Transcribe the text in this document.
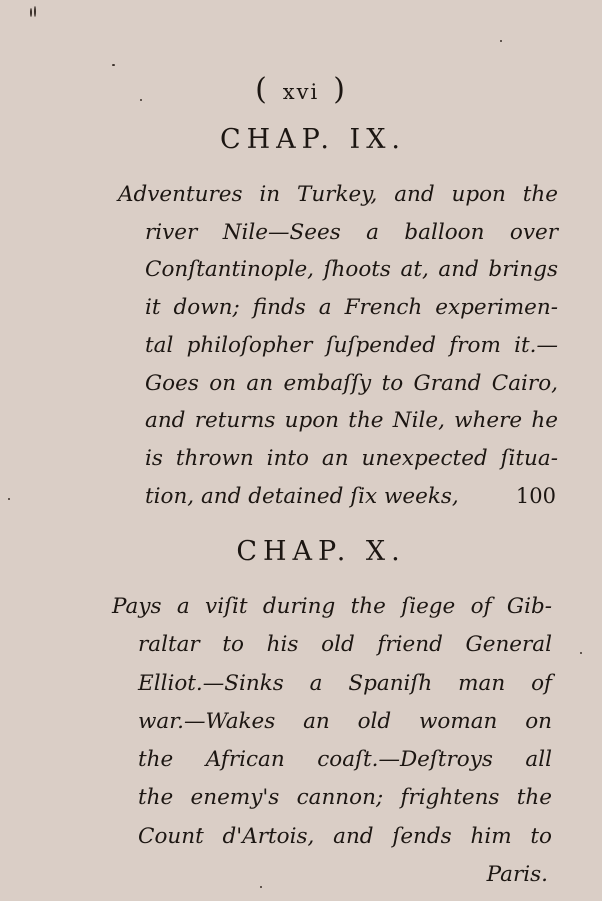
( xvi )
CHAP. IX.
Adventures in Turkey, and upon the
river Nile—Sees a balloon over
Conſtantinople, ſhoots at, and brings
it down; finds a French experimen-
tal philoſopher ſuſpended from it.—
Goes on an embaſſy to Grand Cairo,
and returns upon the Nile, where he
is thrown into an unexpected ſitua-
tion, and detained ſix weeks,	100
CHAP. X.
Pays a viſit during the ſiege of Gib-
raltar to his old friend General
Elliot.—Sinks a Spaniſh man of
war.—Wakes an old woman on
the African coaſt.—Deſtroys all
the enemy's cannon; frightens the
Count d'Artois, and ſends him to
Paris.
